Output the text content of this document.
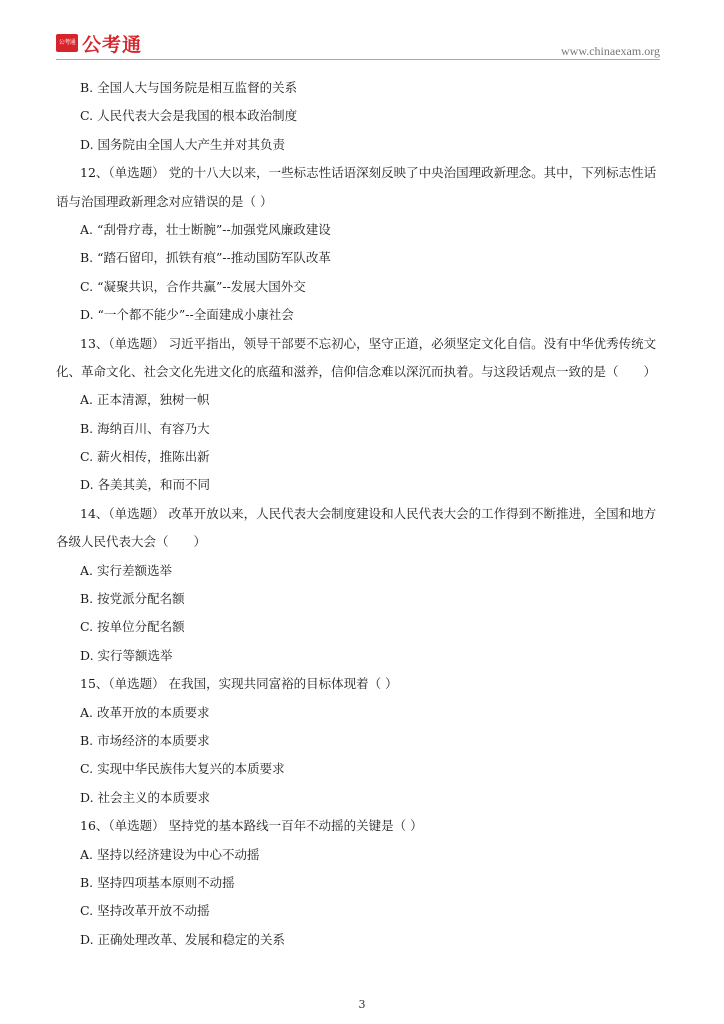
公考通 公考通	www.chinaexam.org
B. 全国人大与国务院是相互监督的关系
C. 人民代表大会是我国的根本政治制度
D. 国务院由全国人大产生并对其负责
12、（单选题） 党的十八大以来，一些标志性话语深刻反映了中央治国理政新理念。其中，下列标志性话
语与治国理政新理念对应错误的是（ ）
A. “刮骨疗毒，壮士断腕”--加强党风廉政建设
B. “踏石留印，抓铁有痕”--推动国防军队改革
C. “凝聚共识，合作共赢”--发展大国外交
D. “一个都不能少”--全面建成小康社会
13、（单选题） 习近平指出，领导干部要不忘初心，坚守正道，必须坚定文化自信。没有中华优秀传统文
化、革命文化、社会文化先进文化的底蕴和滋养，信仰信念难以深沉而执着。与这段话观点一致的是（　　）
A. 正本清源，独树一帜
B. 海纳百川、有容乃大
C. 薪火相传，推陈出新
D. 各美其美，和而不同
14、（单选题） 改革开放以来，人民代表大会制度建设和人民代表大会的工作得到不断推进，全国和地方
各级人民代表大会（　　）
A. 实行差额选举
B. 按党派分配名额
C. 按单位分配名额
D. 实行等额选举
15、（单选题） 在我国，实现共同富裕的目标体现着（ ）
A. 改革开放的本质要求
B. 市场经济的本质要求
C. 实现中华民族伟大复兴的本质要求
D. 社会主义的本质要求
16、（单选题） 坚持党的基本路线一百年不动摇的关键是（ ）
A. 坚持以经济建设为中心不动摇
B. 坚持四项基本原则不动摇
C. 坚持改革开放不动摇
D. 正确处理改革、发展和稳定的关系
3
